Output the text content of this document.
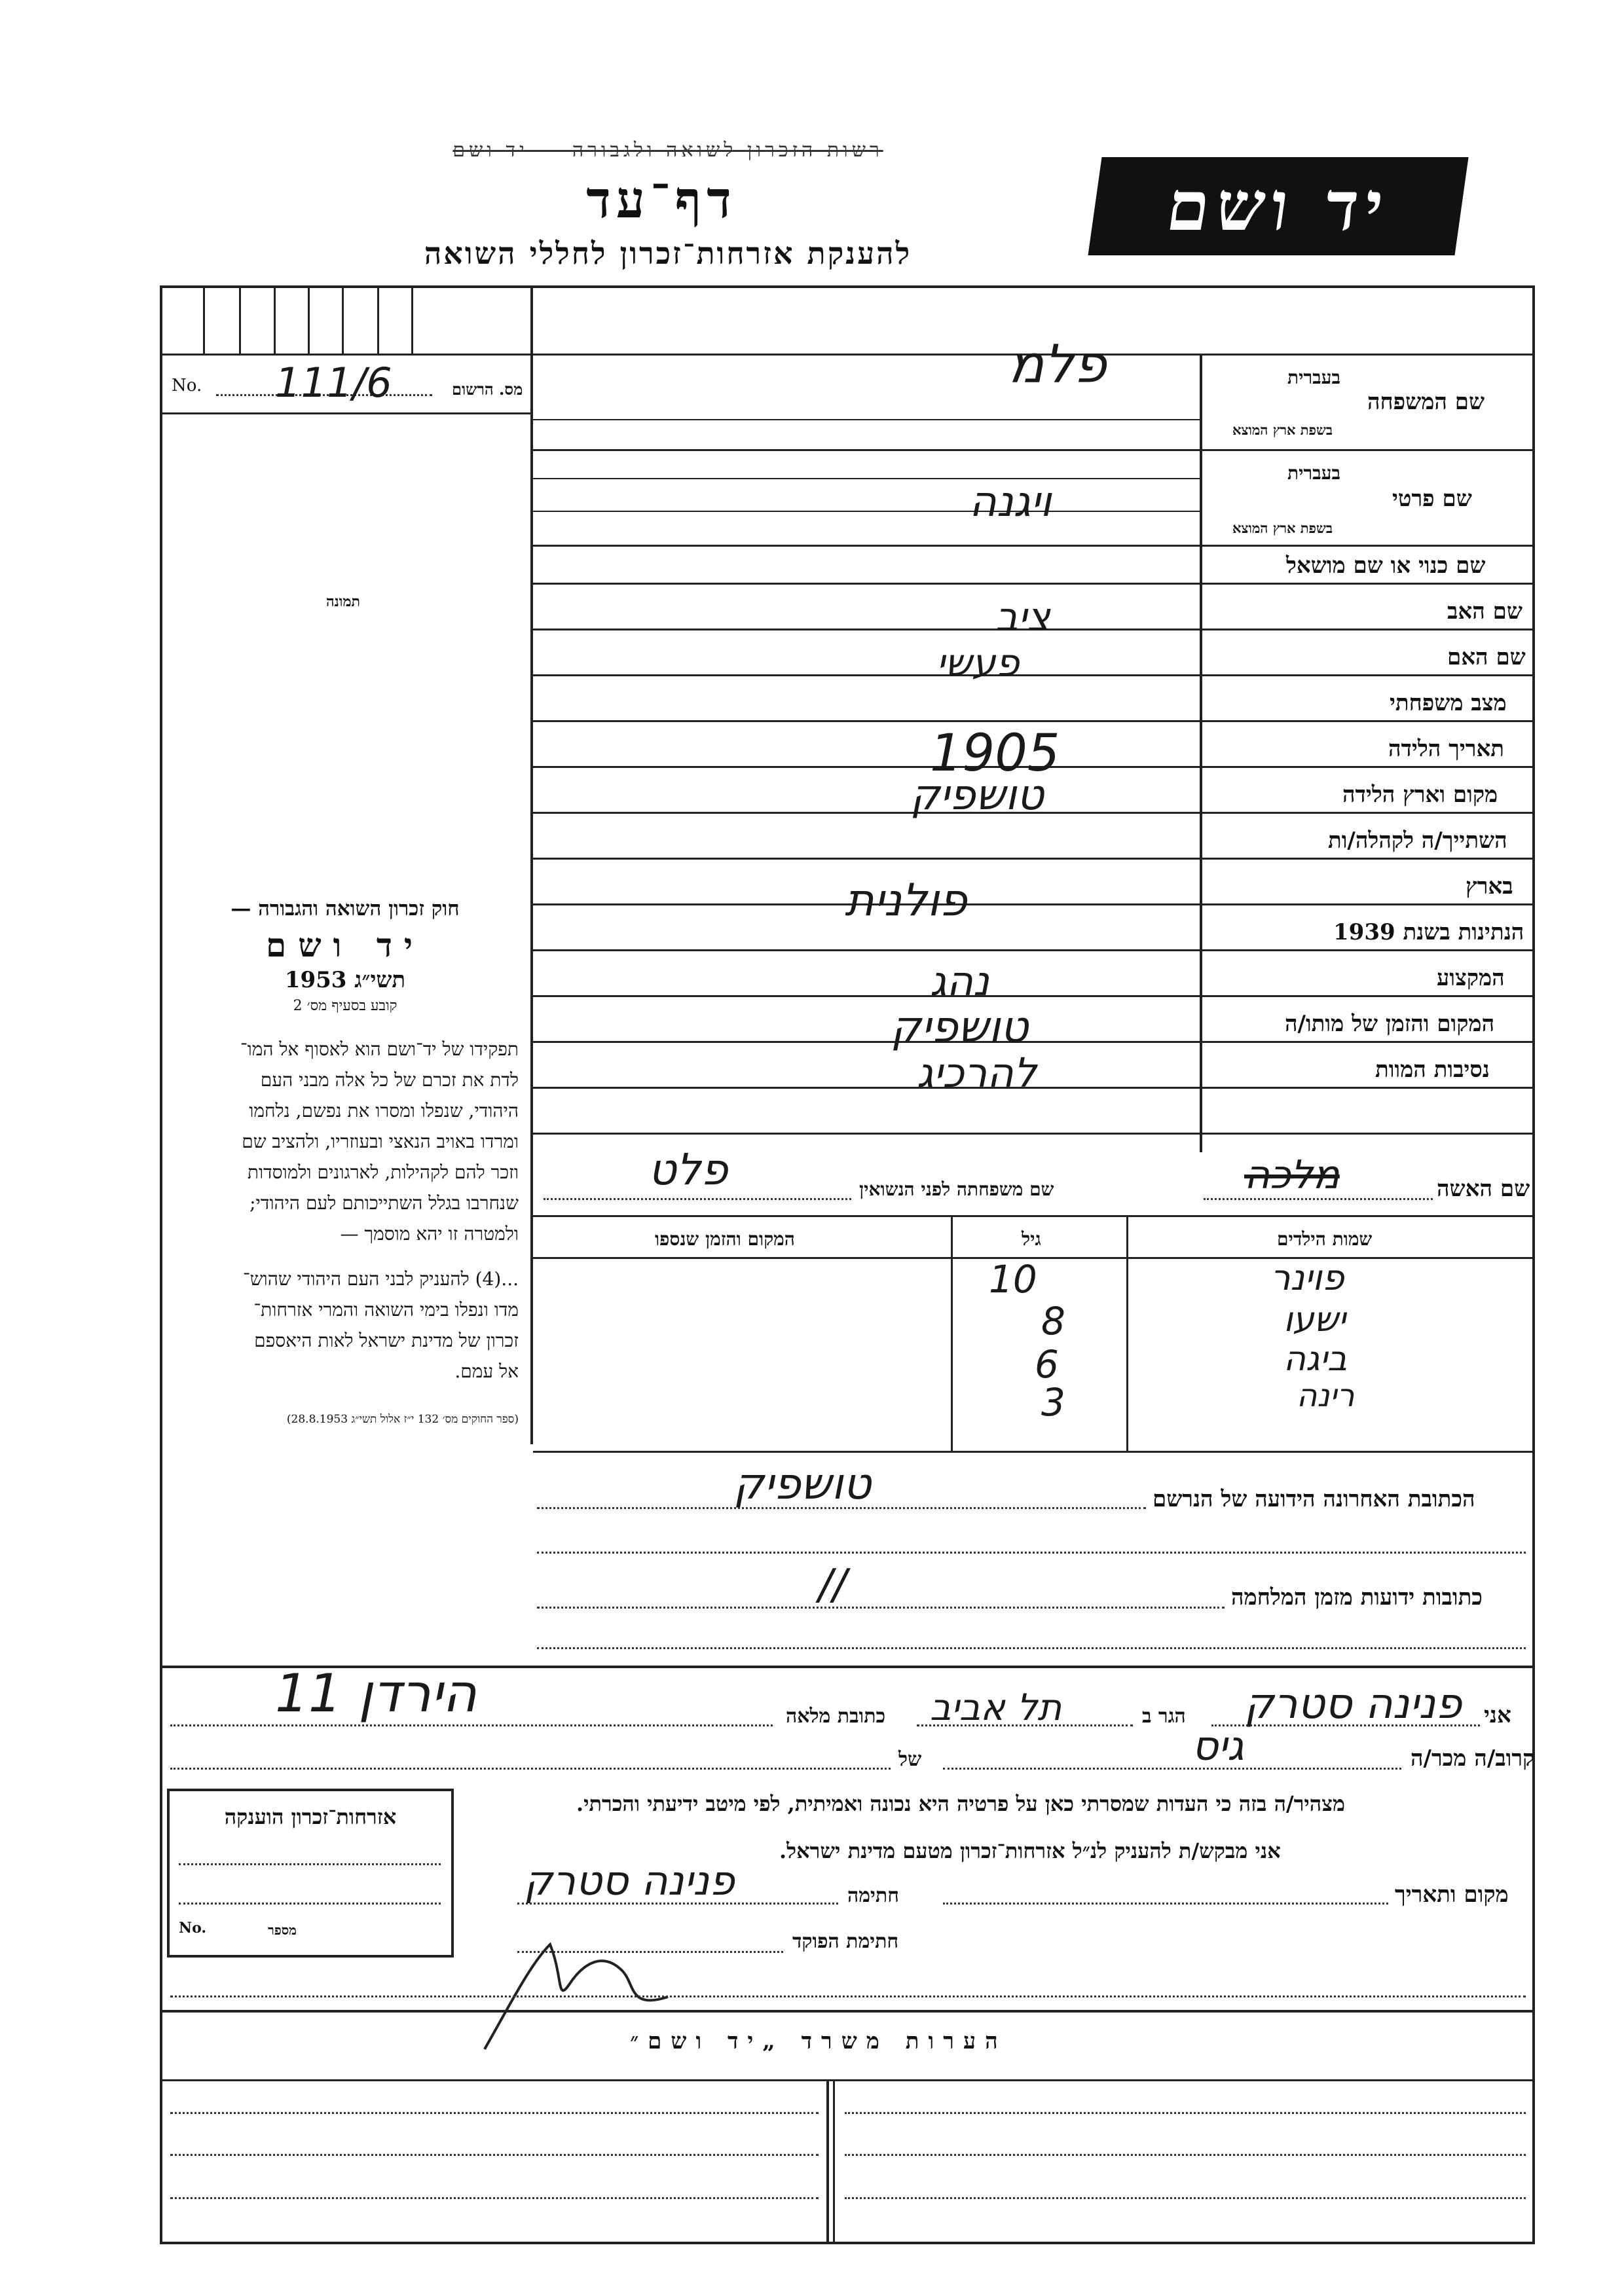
רשות הזכרון לשואה ולגבורה — יד ושם
דף־עד
להענקת אזרחות־זכרון לחללי השואה
יד ושם
No. 111/6	מס. הרשום
תמונה
חוק זכרון השואה והגבורה —
יד ושם
תשי״ג 1953
קובע בסעיף מס׳ 2

תפקידו של יד־ושם הוא לאסוף אל המו־

לדת את זכרם של כל אלה מבני העם

היהודי, שנפלו ומסרו את נפשם, נלחמו

ומרדו באויב הנאצי ובעוזריו, ולהציב שם

וזכר להם לקהילות, לארגונים ולמוסדות

שנחרבו בגלל השתייכותם לעם היהודי;

ולמטרה זו יהא מוסמך —

...(4) להעניק לבני העם היהודי שהוש־

מדו ונפלו בימי השואה והמרי אזרחות־

זכרון של מדינת ישראל לאות היאספם

אל עמם.

(ספר החוקים מס׳ 132 י״ז אלול תשי״ג 28.8.1953)
בעברית
שם המשפחה
בשפת ארץ המוצא
פלמ
בעברית
שם פרטי
בשפת ארץ המוצא
ויגנה
שם כנוי או שם מושאל
שם האב
ציב
שם האם
פעשי
מצב משפחתי
תאריך הלידה
1905
מקום וארץ הלידה
טושפיק
השתייך/ה לקהלה/ות
בארץ
פולנית
הנתינות בשנת 1939
המקצוע
נהג
המקום והזמן של מותו/ה
טושפיק
נסיבות המוות
להרכיג
שם האשה
מלכה
שם משפחתה לפני הנשואין
פלט
שמות הילדים
גיל
המקום והזמן שנספו
פוינר
10
ישעו
8
ביגה
6
רינה
3
הכתובת האחרונה הידועה של הנרשם
טושפיק
כתובות ידועות מזמן המלחמה
//
אני
פנינה סטרק
הגר ב
תל אביב
כתובת מלאה
הירדן 11
קרוב/ה מכר/ה
גיס
של
מצהיר/ה בזה כי העדות שמסרתי כאן על פרטיה היא נכונה ואמיתית, לפי מיטב ידיעתי והכרתי.
אני מבקש/ת להעניק לנ״ל אזרחות־זכרון מטעם מדינת ישראל.
מקום ותאריך
חתימה
פנינה סטרק
חתימת הפוקד
אזרחות־זכרון הוענקה
No.	מספר
הערות משרד „יד ושם״
